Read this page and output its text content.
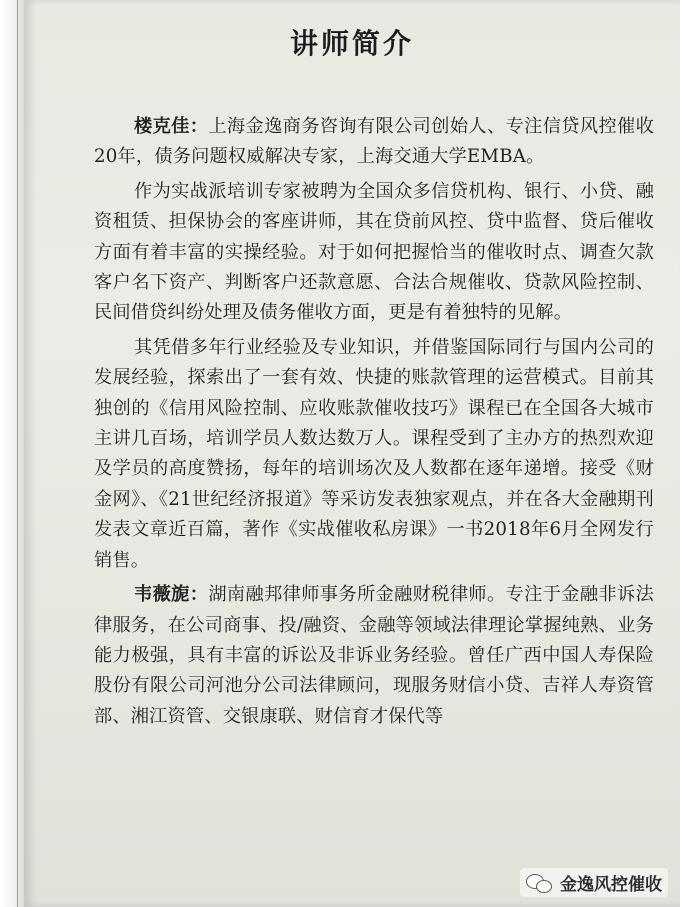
讲师简介

楼克佳：上海金逸商务咨询有限公司创始人、专注信贷风控催收20年，债务问题权威解决专家，上海交通大学EMBA。

作为实战派培训专家被聘为全国众多信贷机构、银行、小贷、融资租赁、担保协会的客座讲师，其在贷前风控、贷中监督、贷后催收方面有着丰富的实操经验。对于如何把握恰当的催收时点、调查欠款客户名下资产、判断客户还款意愿、合法合规催收、贷款风险控制、民间借贷纠纷处理及债务催收方面，更是有着独特的见解。

其凭借多年行业经验及专业知识，并借鉴国际同行与国内公司的发展经验，探索出了一套有效、快捷的账款管理的运营模式。目前其独创的《信用风险控制、应收账款催收技巧》课程已在全国各大城市主讲几百场，培训学员人数达数万人。课程受到了主办方的热烈欢迎及学员的高度赞扬，每年的培训场次及人数都在逐年递增。接受《财金网》、《21世纪经济报道》等采访发表独家观点，并在各大金融期刊发表文章近百篇，著作《实战催收私房课》一书2018年6月全网发行销售。

韦薇旎：湖南融邦律师事务所金融财税律师。专注于金融非诉法律服务，在公司商事、投/融资、金融等领域法律理论掌握纯熟、业务能力极强，具有丰富的诉讼及非诉业务经验。曾任广西中国人寿保险股份有限公司河池分公司法律顾问，现服务财信小贷、吉祥人寿资管部、湘江资管、交银康联、财信育才保代等

金逸风控催收
